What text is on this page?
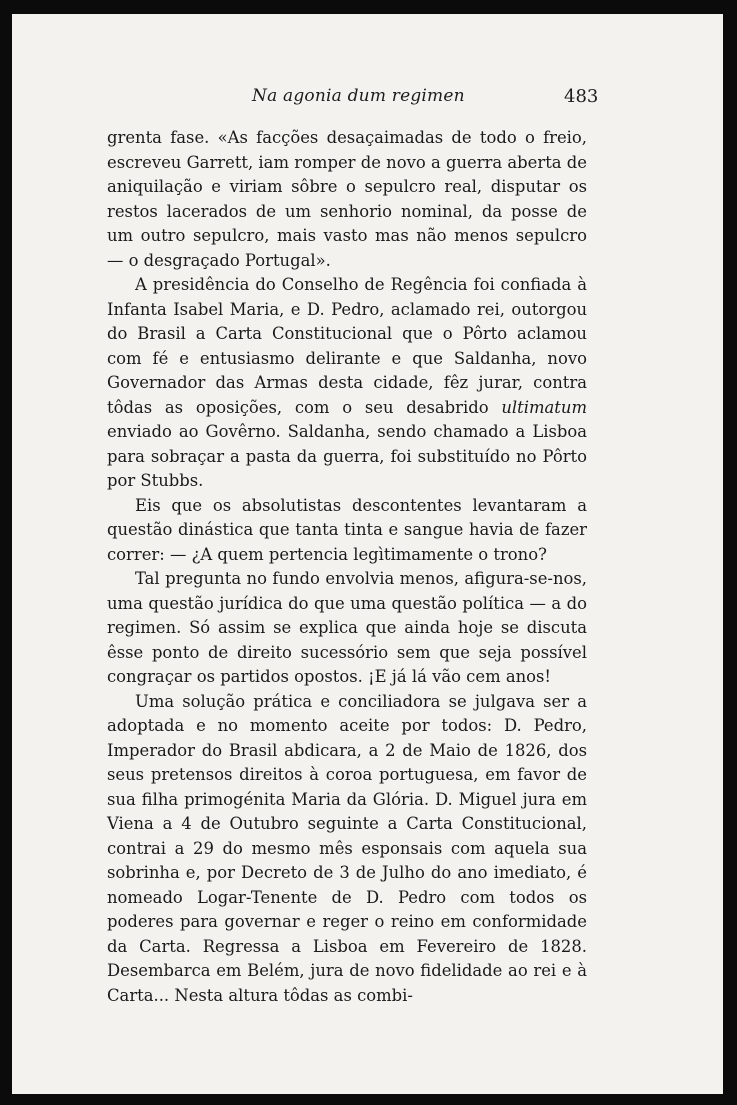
Na agonia dum regimen	483

grenta fase. «As facções desaçaimadas de todo o freio, escreveu Garrett, iam romper de novo a guerra aberta de aniquilação e viriam sôbre o sepulcro real, disputar os restos lacerados de um senhorio nominal, da posse de um outro sepulcro, mais vasto mas não menos sepulcro — o desgraçado Portugal».

A presidência do Conselho de Regência foi confiada à Infanta Isabel Maria, e D. Pedro, aclamado rei, outorgou do Brasil a Carta Constitucional que o Pôrto aclamou com fé e entusiasmo delirante e que Saldanha, novo Governador das Armas desta cidade, fêz jurar, contra tôdas as oposições, com o seu desabrido ultimatum enviado ao Govêrno. Saldanha, sendo chamado a Lisboa para sobraçar a pasta da guerra, foi substituído no Pôrto por Stubbs.

Eis que os absolutistas descontentes levantaram a questão dinástica que tanta tinta e sangue havia de fazer correr: — ¿A quem pertencia legìtimamente o trono?

Tal pregunta no fundo envolvia menos, afigura-se-nos, uma questão jurídica do que uma questão política — a do regimen. Só assim se explica que ainda hoje se discuta êsse ponto de direito sucessório sem que seja possível congraçar os partidos opostos. ¡E já lá vão cem anos!

Uma solução prática e conciliadora se julgava ser a adoptada e no momento aceite por todos: D. Pedro, Imperador do Brasil abdicara, a 2 de Maio de 1826, dos seus pretensos direitos à coroa portuguesa, em favor de sua filha primogénita Maria da Glória. D. Miguel jura em Viena a 4 de Outubro seguinte a Carta Constitucional, contrai a 29 do mesmo mês esponsais com aquela sua sobrinha e, por Decreto de 3 de Julho do ano imediato, é nomeado Logar-Tenente de D. Pedro com todos os poderes para governar e reger o reino em conformidade da Carta. Regressa a Lisboa em Fevereiro de 1828. Desembarca em Belém, jura de novo fidelidade ao rei e à Carta... Nesta altura tôdas as combi-
